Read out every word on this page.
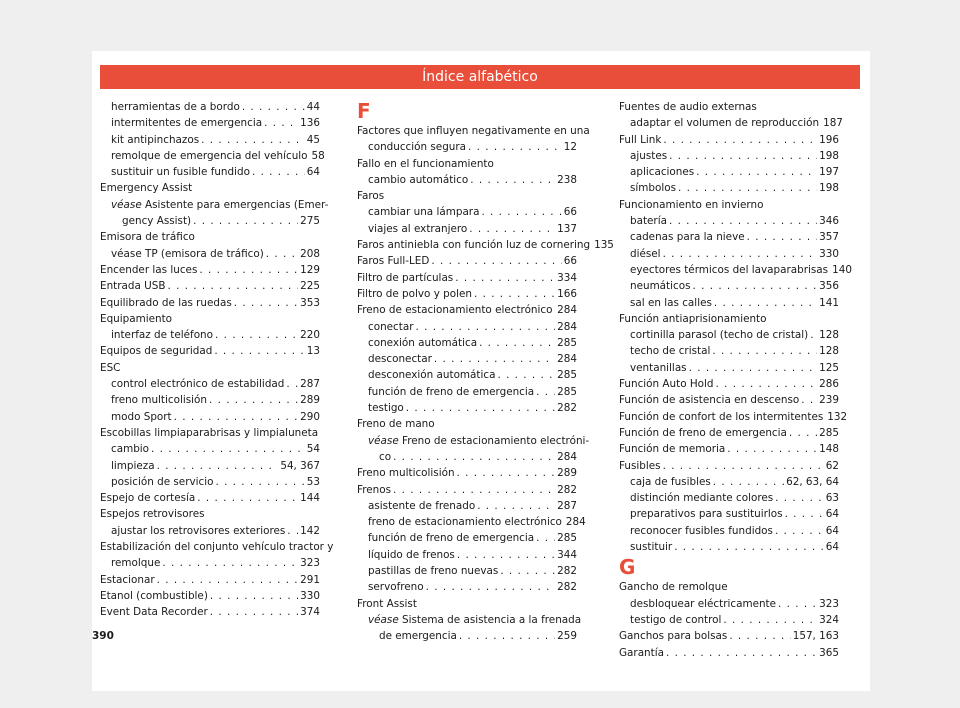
Índice alfabético
herramientas de a bordo . . .	44
intermitentes de emergencia . . .	136
kit antipinchazos . . .	45
remolque de emergencia del vehículo 58
sustituir un fusible fundido . . .	64
Emergency Assist
véase Asistente para emergencias (Emer-
gency Assist) . . .	275
Emisora de tráfico
véase TP (emisora de tráfico) . . .	208
Encender las luces . . .	129
Entrada USB . . .	225
Equilibrado de las ruedas . . .	353
Equipamiento
interfaz de teléfono . . .	220
Equipos de seguridad . . .	13
ESC
control electrónico de estabilidad . . . 287
freno multicolisión . . .	289
modo Sport . . .	290
Escobillas limpiaparabrisas y limpialuneta
cambio . . .	54
limpieza . . .	54, 367
posición de servicio . . .	53
Espejo de cortesía . . .	144
Espejos retrovisores
ajustar los retrovisores exteriores . . . 142
Estabilización del conjunto vehículo tractor y
remolque . . .	323
Estacionar . . .	291
Etanol (combustible) . . .	330
Event Data Recorder . . .	374
F
Factores que influyen negativamente en una
conducción segura . . .	12
Fallo en el funcionamiento
cambio automático . . .	238
Faros
cambiar una lámpara . . .	66
viajes al extranjero . . .	137
Faros antiniebla con función luz de cornering 135
Faros Full-LED . . .	66
Filtro de partículas . . .	334
Filtro de polvo y polen . . .	166
Freno de estacionamiento electrónico . . . 284
conectar . . .	284
conexión automática . . .	285
desconectar . . .	284
desconexión automática . . .	285
función de freno de emergencia . . . 285
testigo . . .	282
Freno de mano
véase Freno de estacionamiento electróni-
co . . .	284
Freno multicolisión . . .	289
Frenos . . .	282
asistente de frenado . . .	287
freno de estacionamiento electrónico 284
función de freno de emergencia . . . 285
líquido de frenos . . .	344
pastillas de freno nuevas . . .	282
servofreno . . .	282
Front Assist
véase Sistema de asistencia a la frenada
de emergencia . . .	259
Fuentes de audio externas
adaptar el volumen de reproducción 187
Full Link . . .	196
ajustes . . .	198
aplicaciones . . .	197
símbolos . . .	198
Funcionamiento en invierno
batería . . .	346
cadenas para la nieve . . .	357
diésel . . .	330
eyectores térmicos del lavaparabrisas 140
neumáticos . . .	356
sal en las calles . . .	141
Función antiaprisionamiento
cortinilla parasol (techo de cristal) . . . 128
techo de cristal . . .	128
ventanillas . . .	125
Función Auto Hold . . .	286
Función de asistencia en descenso . . . 239
Función de confort de los intermitentes 132
Función de freno de emergencia . . .	285
Función de memoria . . .	148
Fusibles . . .	62
caja de fusibles . . .	62, 63, 64
distinción mediante colores . . .	63
preparativos para sustituirlos . . .	64
reconocer fusibles fundidos . . .	64
sustituir . . .	64
G
Gancho de remolque
desbloquear eléctricamente . . .	323
testigo de control . . .	324
Ganchos para bolsas . . .	157, 163
Garantía . . .	365
390
